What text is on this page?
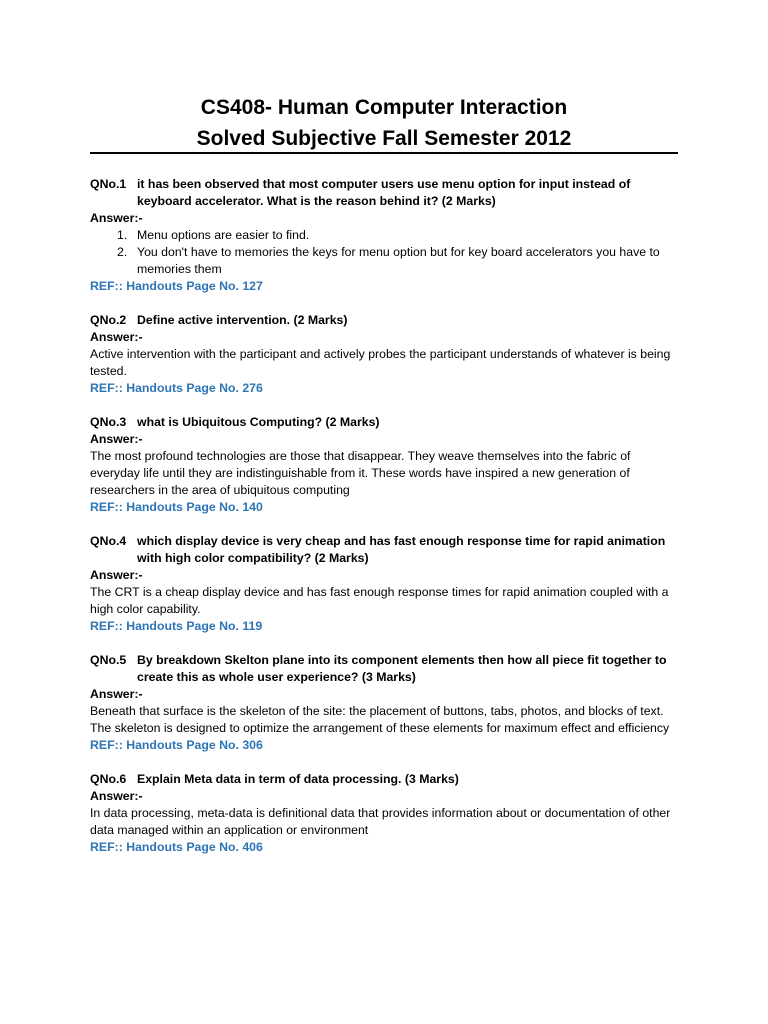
CS408- Human Computer Interaction
Solved Subjective Fall Semester 2012
QNo.1 it has been observed that most computer users use menu option for input instead of keyboard accelerator. What is the reason behind it? (2 Marks)
Answer:-
1. Menu options are easier to find.
2. You don't have to memories the keys for menu option but for key board accelerators you have to memories them
REF:: Handouts Page No. 127
QNo.2 Define active intervention. (2 Marks)
Answer:-
Active intervention with the participant and actively probes the participant understands of whatever is being tested.
REF:: Handouts Page No. 276
QNo.3 what is Ubiquitous Computing? (2 Marks)
Answer:-
The most profound technologies are those that disappear. They weave themselves into the fabric of everyday life until they are indistinguishable from it. These words have inspired a new generation of researchers in the area of ubiquitous computing
REF:: Handouts Page No. 140
QNo.4 which display device is very cheap and has fast enough response time for rapid animation with high color compatibility? (2 Marks)
Answer:-
The CRT is a cheap display device and has fast enough response times for rapid animation coupled with a high color capability.
REF:: Handouts Page No. 119
QNo.5 By breakdown Skelton plane into its component elements then how all piece fit together to create this as whole user experience? (3 Marks)
Answer:-
Beneath that surface is the skeleton of the site: the placement of buttons, tabs, photos, and blocks of text. The skeleton is designed to optimize the arrangement of these elements for maximum effect and efficiency
REF:: Handouts Page No. 306
QNo.6 Explain Meta data in term of data processing. (3 Marks)
Answer:-
In data processing, meta-data is definitional data that provides information about or documentation of other data managed within an application or environment
REF:: Handouts Page No. 406
